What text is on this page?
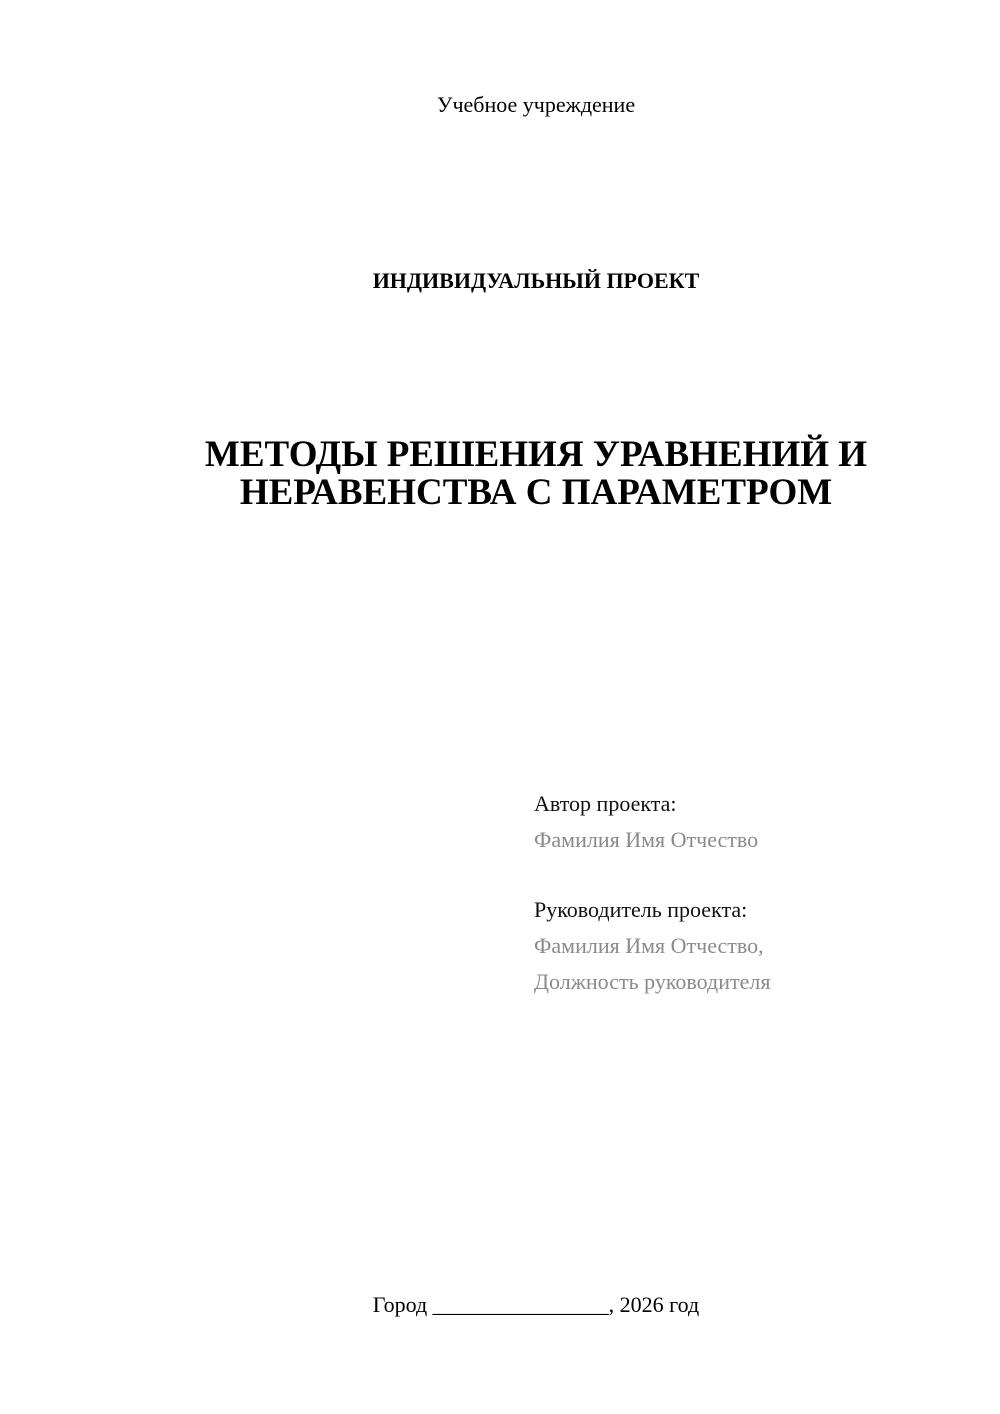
Учебное учреждение
ИНДИВИДУАЛЬНЫЙ ПРОЕКТ
МЕТОДЫ РЕШЕНИЯ УРАВНЕНИЙ И
НЕРАВЕНСТВА С ПАРАМЕТРОМ
Автор проекта:
Фамилия Имя Отчество
Руководитель проекта:
Фамилия Имя Отчество,
Должность руководителя
Город ________________, 2026 год
